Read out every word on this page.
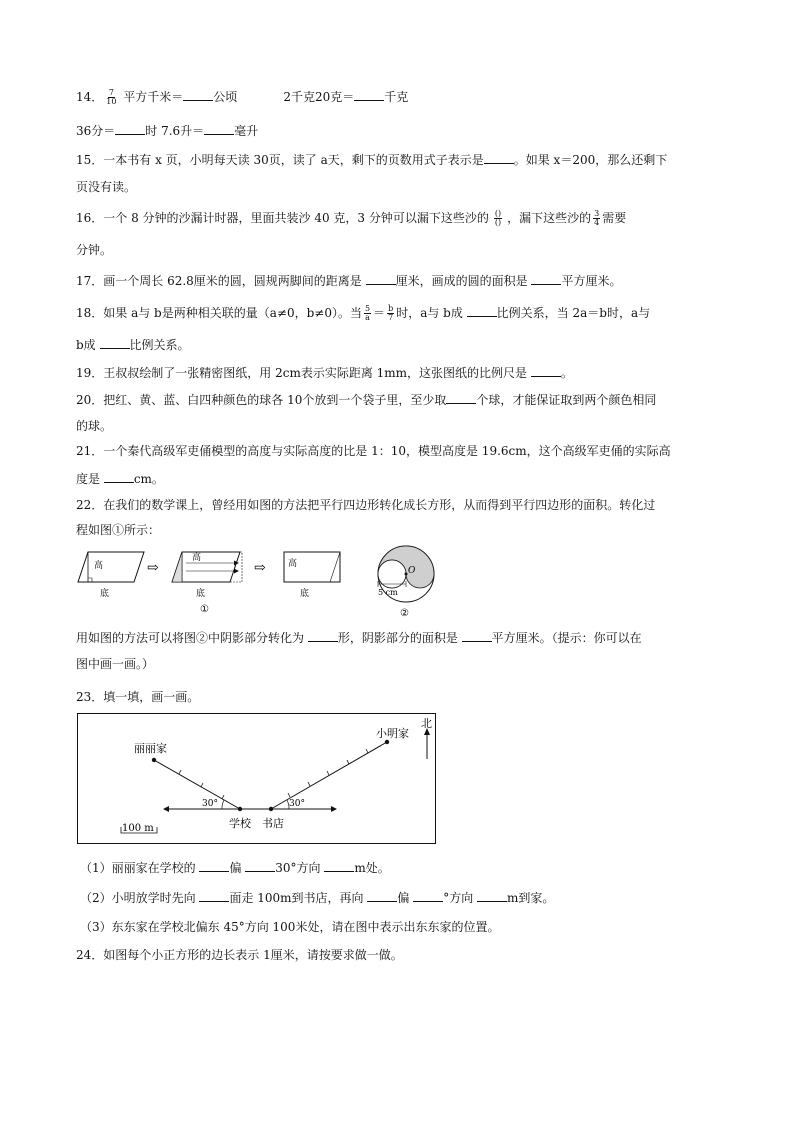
14． $\frac{7}{10}$ 平方千米＝	公顷	2千克20克＝	千克
36分＝	时 7.6升＝	毫升
15．一本书有 x 页，小明每天读 30页，读了 a天，剩下的页数用式子表示是	。如果 x＝200，那么还剩下
页没有读。
16．一个 8 分钟的沙漏计时器，里面共装沙 40 克，3 分钟可以漏下这些沙的 $\frac{()}{()}$ ，漏下这些沙的 $\frac{3}{4}$ 需要
分钟。
17．画一个周长 62.8厘米的圆，圆规两脚间的距离是	厘米，画成的圆的面积是	平方厘米。
18．如果 a与 b是两种相关联的量（a≠0，b≠0）。当 $\frac{5}{a} = \frac{b}{7}$ 时，a与 b成	比例关系，当 2a＝b时，a与
b成	比例关系。
19．王叔叔绘制了一张精密图纸，用 2cm表示实际距离 1mm，这张图纸的比例尺是	。
20．把红、黄、蓝、白四种颜色的球各 10个放到一个袋子里，至少取	个球，才能保证取到两个颜色相同
的球。
21．一个秦代高级军吏俑模型的高度与实际高度的比是 1：10，模型高度是 19.6cm，这个高级军吏俑的实际高
度是	cm。
22．在我们的数学课上，曾经用如图的方法把平行四边形转化成长方形，从而得到平行四边形的面积。转化过
程如图①所示：
高
底
⇨
高
底
①
⇨ 高
底
O
5 cm
②
用如图的方法可以将图②中阴影部分转化为	形，阴影部分的面积是	平方厘米。（提示：你可以在
图中画一画。）
23．填一填，画一画。
30°	30°
丽丽家
小明家
学校 书店
北
100 m
（1）丽丽家在学校的	偏	30°方向	m处。
（2）小明放学时先向	面走 100m到书店，再向	偏	°方向	m到家。
（3）东东家在学校北偏东 45°方向 100米处，请在图中表示出东东家的位置。
24．如图每个小正方形的边长表示 1厘米，请按要求做一做。
